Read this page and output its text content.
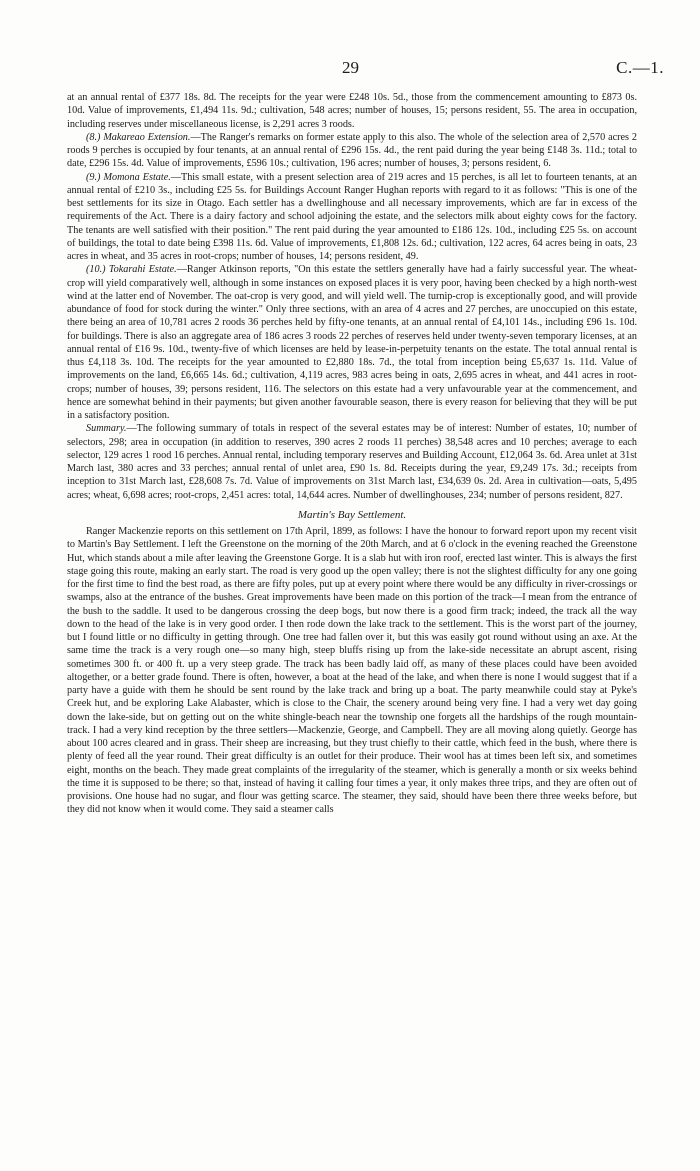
29	C.—1.

at an annual rental of £377 18s. 8d. The receipts for the year were £248 10s. 5d., those from the commencement amounting to £873 0s. 10d. Value of improvements, £1,494 11s. 9d.; cultivation, 548 acres; number of houses, 15; persons resident, 55. The area in occupation, including reserves under miscellaneous license, is 2,291 acres 3 roods.

(8.) Makareao Extension.—The Ranger's remarks on former estate apply to this also. The whole of the selection area of 2,570 acres 2 roods 9 perches is occupied by four tenants, at an annual rental of £296 15s. 4d., the rent paid during the year being £148 3s. 11d.; total to date, £296 15s. 4d. Value of improvements, £596 10s.; cultivation, 196 acres; number of houses, 3; persons resident, 6.

(9.) Momona Estate.—This small estate, with a present selection area of 219 acres and 15 perches, is all let to fourteen tenants, at an annual rental of £210 3s., including £25 5s. for Buildings Account Ranger Hughan reports with regard to it as follows: "This is one of the best settlements for its size in Otago. Each settler has a dwellinghouse and all necessary improvements, which are far in excess of the requirements of the Act. There is a dairy factory and school adjoining the estate, and the selectors milk about eighty cows for the factory. The tenants are well satisfied with their position." The rent paid during the year amounted to £186 12s. 10d., including £25 5s. on account of buildings, the total to date being £398 11s. 6d. Value of improvements, £1,808 12s. 6d.; cultivation, 122 acres, 64 acres being in oats, 23 acres in wheat, and 35 acres in root-crops; number of houses, 14; persons resident, 49.

(10.) Tokarahi Estate.—Ranger Atkinson reports, "On this estate the settlers generally have had a fairly successful year. The wheat-crop will yield comparatively well, although in some instances on exposed places it is very poor, having been checked by a high north-west wind at the latter end of November. The oat-crop is very good, and will yield well. The turnip-crop is exceptionally good, and will provide abundance of food for stock during the winter." Only three sections, with an area of 4 acres and 27 perches, are unoccupied on this estate, there being an area of 10,781 acres 2 roods 36 perches held by fifty-one tenants, at an annual rental of £4,101 14s., including £96 1s. 10d. for buildings. There is also an aggregate area of 186 acres 3 roods 22 perches of reserves held under twenty-seven temporary licenses, at an annual rental of £16 9s. 10d., twenty-five of which licenses are held by lease-in-perpetuity tenants on the estate. The total annual rental is thus £4,118 3s. 10d. The receipts for the year amounted to £2,880 18s. 7d., the total from inception being £5,637 1s. 11d. Value of improvements on the land, £6,665 14s. 6d.; cultivation, 4,119 acres, 983 acres being in oats, 2,695 acres in wheat, and 441 acres in root-crops; number of houses, 39; persons resident, 116. The selectors on this estate had a very unfavourable year at the commencement, and hence are somewhat behind in their payments; but given another favourable season, there is every reason for believing that they will be put in a satisfactory position.

Summary.—The following summary of totals in respect of the several estates may be of interest: Number of estates, 10; number of selectors, 298; area in occupation (in addition to reserves, 390 acres 2 roods 11 perches) 38,548 acres and 10 perches; average to each selector, 129 acres 1 rood 16 perches. Annual rental, including temporary reserves and Building Account, £12,064 3s. 6d. Area unlet at 31st March last, 380 acres and 33 perches; annual rental of unlet area, £90 1s. 8d. Receipts during the year, £9,249 17s. 3d.; receipts from inception to 31st March last, £28,608 7s. 7d. Value of improvements on 31st March last, £34,639 0s. 2d. Area in cultivation—oats, 5,495 acres; wheat, 6,698 acres; root-crops, 2,451 acres: total, 14,644 acres. Number of dwellinghouses, 234; number of persons resident, 827.

Martin's Bay Settlement.

Ranger Mackenzie reports on this settlement on 17th April, 1899, as follows: I have the honour to forward report upon my recent visit to Martin's Bay Settlement. I left the Greenstone on the morning of the 20th March, and at 6 o'clock in the evening reached the Greenstone Hut, which stands about a mile after leaving the Greenstone Gorge. It is a slab hut with iron roof, erected last winter. This is always the first stage going this route, making an early start. The road is very good up the open valley; there is not the slightest difficulty for any one going for the first time to find the best road, as there are fifty poles, put up at every point where there would be any difficulty in river-crossings or swamps, also at the entrance of the bushes. Great improvements have been made on this portion of the track—I mean from the entrance of the bush to the saddle. It used to be dangerous crossing the deep bogs, but now there is a good firm track; indeed, the track all the way down to the head of the lake is in very good order. I then rode down the lake track to the settlement. This is the worst part of the journey, but I found little or no difficulty in getting through. One tree had fallen over it, but this was easily got round without using an axe. At the same time the track is a very rough one—so many high, steep bluffs rising up from the lake-side necessitate an abrupt ascent, rising sometimes 300 ft. or 400 ft. up a very steep grade. The track has been badly laid off, as many of these places could have been avoided altogether, or a better grade found. There is often, however, a boat at the head of the lake, and when there is none I would suggest that if a party have a guide with them he should be sent round by the lake track and bring up a boat. The party meanwhile could stay at Pyke's Creek hut, and be exploring Lake Alabaster, which is close to the Chair, the scenery around being very fine. I had a very wet day going down the lake-side, but on getting out on the white shingle-beach near the township one forgets all the hardships of the rough mountain-track. I had a very kind reception by the three settlers—Mackenzie, George, and Campbell. They are all moving along quietly. George has about 100 acres cleared and in grass. Their sheep are increasing, but they trust chiefly to their cattle, which feed in the bush, where there is plenty of feed all the year round. Their great difficulty is an outlet for their produce. Their wool has at times been left six, and sometimes eight, months on the beach. They made great complaints of the irregularity of the steamer, which is generally a month or six weeks behind the time it is supposed to be there; so that, instead of having it calling four times a year, it only makes three trips, and they are often out of provisions. One house had no sugar, and flour was getting scarce. The steamer, they said, should have been there three weeks before, but they did not know when it would come. They said a steamer calls
